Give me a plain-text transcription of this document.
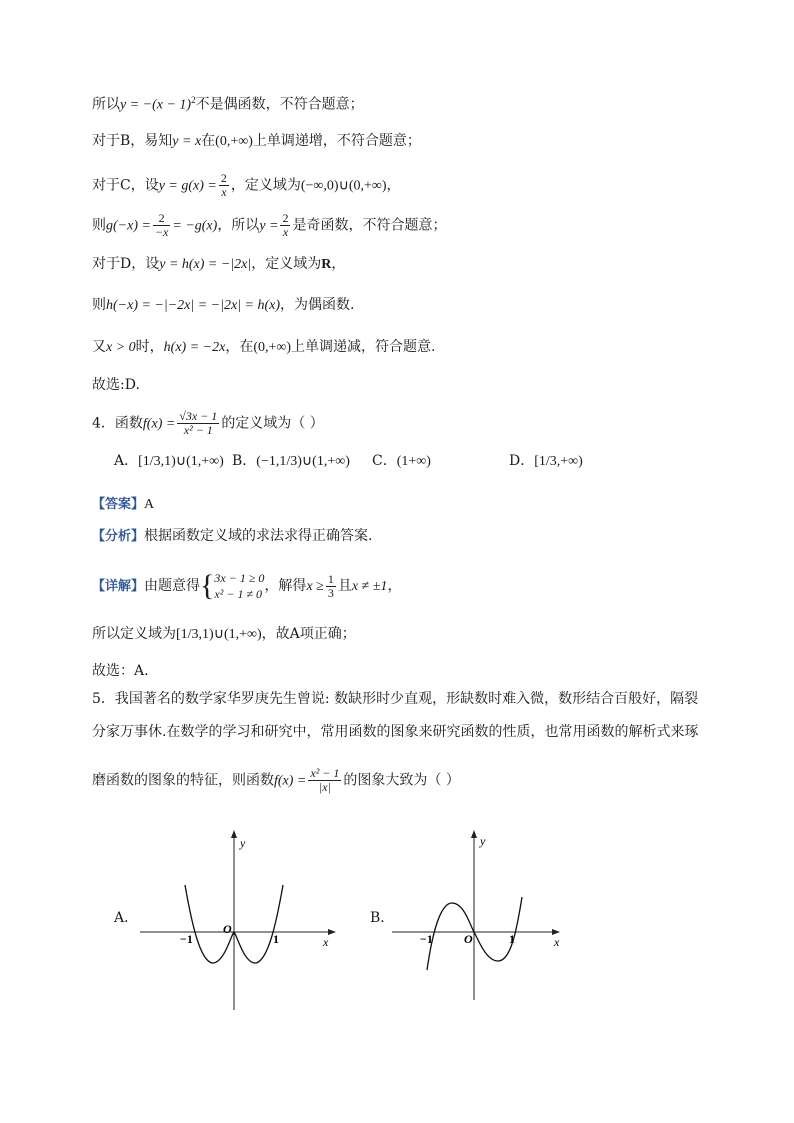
所以$y = -(x - 1)^2$不是偶函数，不符合题意；
对于B，易知y = x在(0,+∞)上单调递增，不符合题意；
对于C，设$y = g(x) = \frac{2}{x}$ ，定义域为(−∞,0)∪(0,+∞)，
则$g(-x) = \frac{2}{-x} = -g(x)$，所以$y = \frac{2}{x}$ 是奇函数，不符合题意；
对于D，设y = h(x) = −|2x|，定义域为R，
则h(−x) = −|−2x| = −|2x| = h(x)，为偶函数.
又x > 0时，h(x) = −2x，在(0,+∞)上单调递减，符合题意.
故选:D.
4．函数$f(x) = \frac{√3x - 1}{\text{x² − 1}}$ 的定义域为（ ）
A．[1/3,1)∪(1,+∞) B．(−1,1/3)∪(1,+∞) C．(1+∞)	D．[1/3,+∞)
【答案】A
【分析】根据函数定义域的求法求得正确答案.
【详解】由题意得{ 3x − 1 ≥ 0
x² − 1 ≠ 0 ，解得$x \ge \frac{1}{3}$ 且x ≠ ±1，
所以定义域为[1/3,1)∪(1,+∞)，故A项正确；
故选：A.
5．我国著名的数学家华罗庚先生曾说: 数缺形时少直观，形缺数时难入微，数形结合百般好，隔裂
分家万事休.在数学的学习和研究中，常用函数的图象来研究函数的性质，也常用函数的解析式来琢
磨函数的图象的特征，则函数$f(x) = \frac{\text{x² − 1}}{|x|}$ 的图象大致为（ ）
A．
x
y
O
−1	1
B．
x
y
O
−1	1
